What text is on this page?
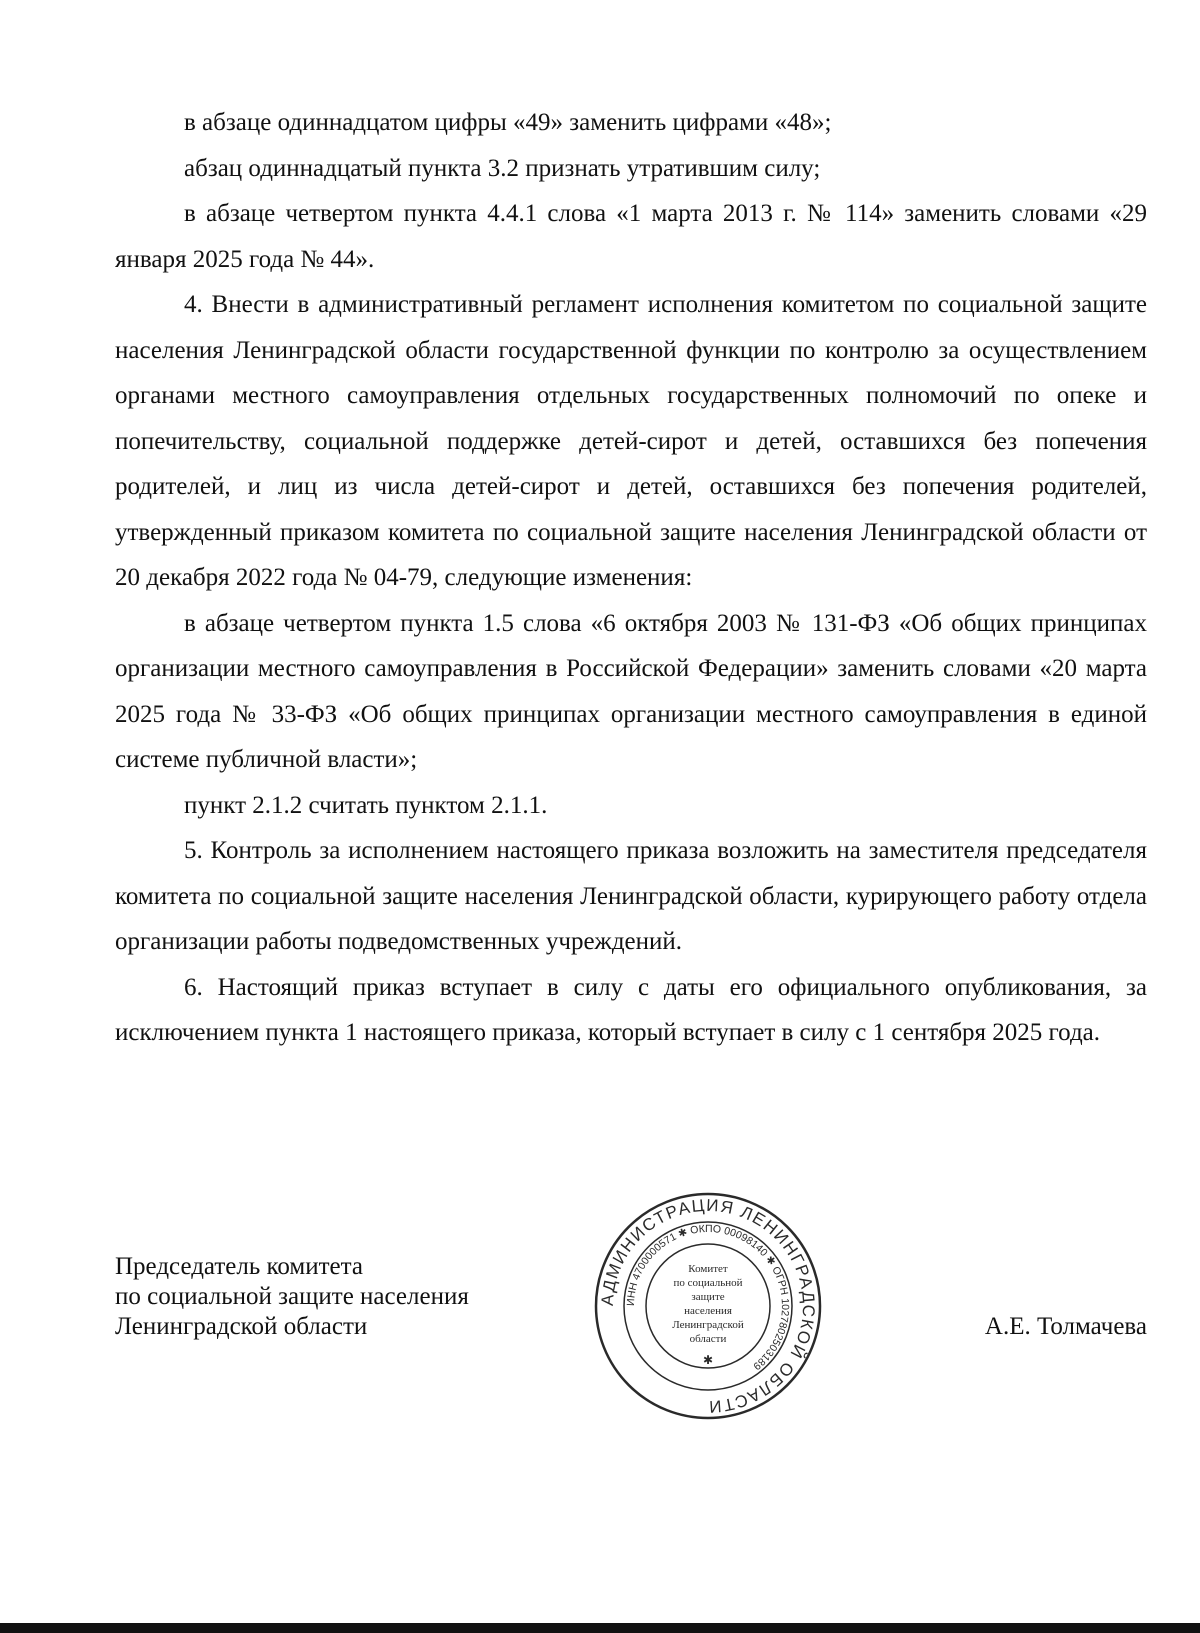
в абзаце одиннадцатом цифры «49» заменить цифрами «48»;

абзац одиннадцатый пункта 3.2 признать утратившим силу;

в абзаце четвертом пункта 4.4.1 слова «1 марта 2013 г. № 114» заменить словами «29 января 2025 года № 44».

4. Внести в административный регламент исполнения комитетом по социальной защите населения Ленинградской области государственной функции по контролю за осуществлением органами местного самоуправления отдельных государственных полномочий по опеке и попечительству, социальной поддержке детей-сирот и детей, оставшихся без попечения родителей, и лиц из числа детей-сирот и детей, оставшихся без попечения родителей, утвержденный приказом комитета по социальной защите населения Ленинградской области от 20 декабря 2022 года № 04-79, следующие изменения:

в абзаце четвертом пункта 1.5 слова «6 октября 2003 № 131-ФЗ «Об общих принципах организации местного самоуправления в Российской Федерации» заменить словами «20 марта 2025 года № 33-ФЗ «Об общих принципах организации местного самоуправления в единой системе публичной власти»;

пункт 2.1.2 считать пунктом 2.1.1.

5. Контроль за исполнением настоящего приказа возложить на заместителя председателя комитета по социальной защите населения Ленинградской области, курирующего работу отдела организации работы подведомственных учреждений.

6. Настоящий приказ вступает в силу с даты его официального опубликования, за исключением пункта 1 настоящего приказа, который вступает в силу с 1 сентября 2025 года.

Председатель комитета
по социальной защите населения
Ленинградской области	А.Е. Толмачева
АДМИНИСТРАЦИЯ ЛЕНИНГРАДСКОЙ ОБЛАСТИ
ИНН 4700000571 ✱ ОКПО 00098140 ✱ ОГРН 1027802503189
Комитет
по социальной
защите
населения
Ленинградской
области
✱
